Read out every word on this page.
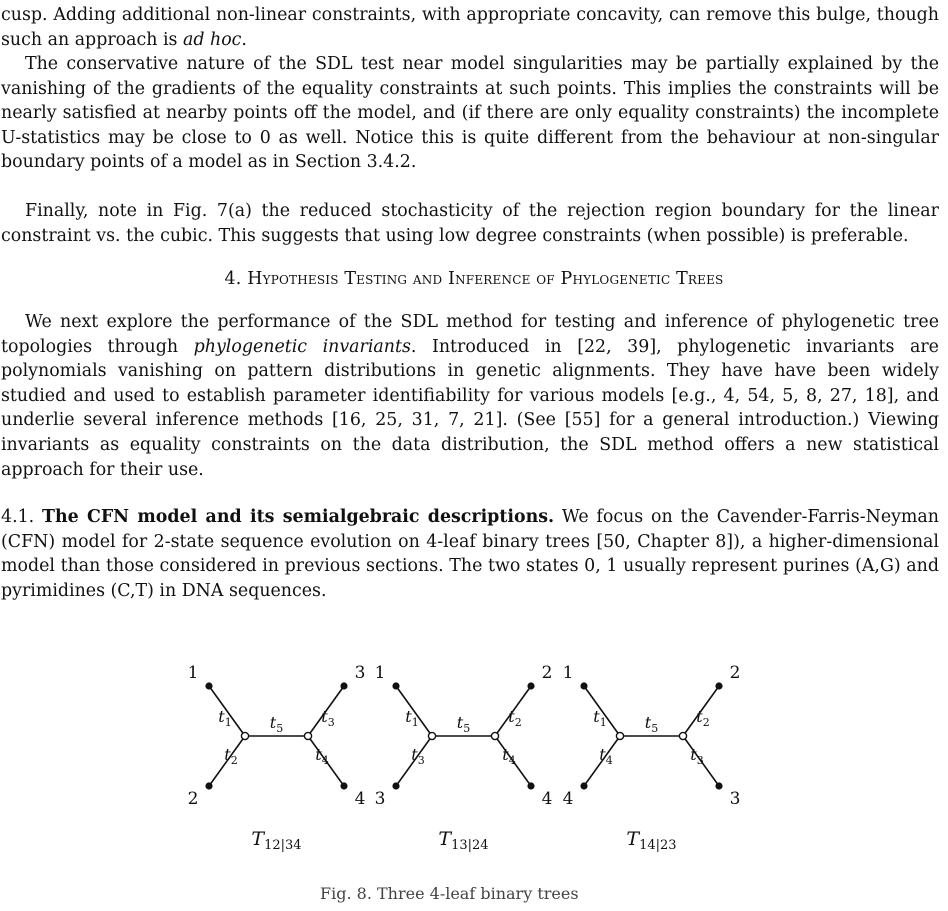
cusp. Adding additional non-linear constraints, with appropriate concavity, can remove this bulge, though such an approach is ad hoc.

The conservative nature of the SDL test near model singularities may be partially explained by the vanishing of the gradients of the equality constraints at such points. This implies the constraints will be nearly satisfied at nearby points off the model, and (if there are only equality constraints) the incomplete U-statistics may be close to 0 as well. Notice this is quite different from the behaviour at non-singular boundary points of a model as in Section 3.4.2.

Finally, note in Fig. 7(a) the reduced stochasticity of the rejection region boundary for the linear constraint vs. the cubic. This suggests that using low degree constraints (when possible) is preferable.

4. Hypothesis Testing and Inference of Phylogenetic Trees

We next explore the performance of the SDL method for testing and inference of phylogenetic tree topologies through phylogenetic invariants. Introduced in [22, 39], phylogenetic invariants are polynomials vanishing on pattern distributions in genetic alignments. They have have been widely studied and used to establish parameter identifiability for various models [e.g., 4, 54, 5, 8, 27, 18], and underlie several inference methods [16, 25, 31, 7, 21]. (See [55] for a general introduction.) Viewing invariants as equality constraints on the data distribution, the SDL method offers a new statistical approach for their use.

4.1. The CFN model and its semialgebraic descriptions. We focus on the Cavender-Farris-Neyman (CFN) model for 2-state sequence evolution on 4-leaf binary trees [50, Chapter 8]), a higher-dimensional model than those considered in previous sections. The two states 0, 1 usually represent purines (A,G) and pyrimidines (C,T) in DNA sequences.

1
2
3
4
$t_1$
$t_2$
$t_5$
$t_3$
$t_4$
$T_{12|34}$
1
3
2
4
$t_1$
$t_3$
$t_5$
$t_2$
$t_4$
$T_{13|24}$
1
4
2
3
$t_1$
$t_4$
$t_5$
$t_2$
$t_3$
$T_{14|23}$
Fig. 8. Three 4-leaf binary trees
